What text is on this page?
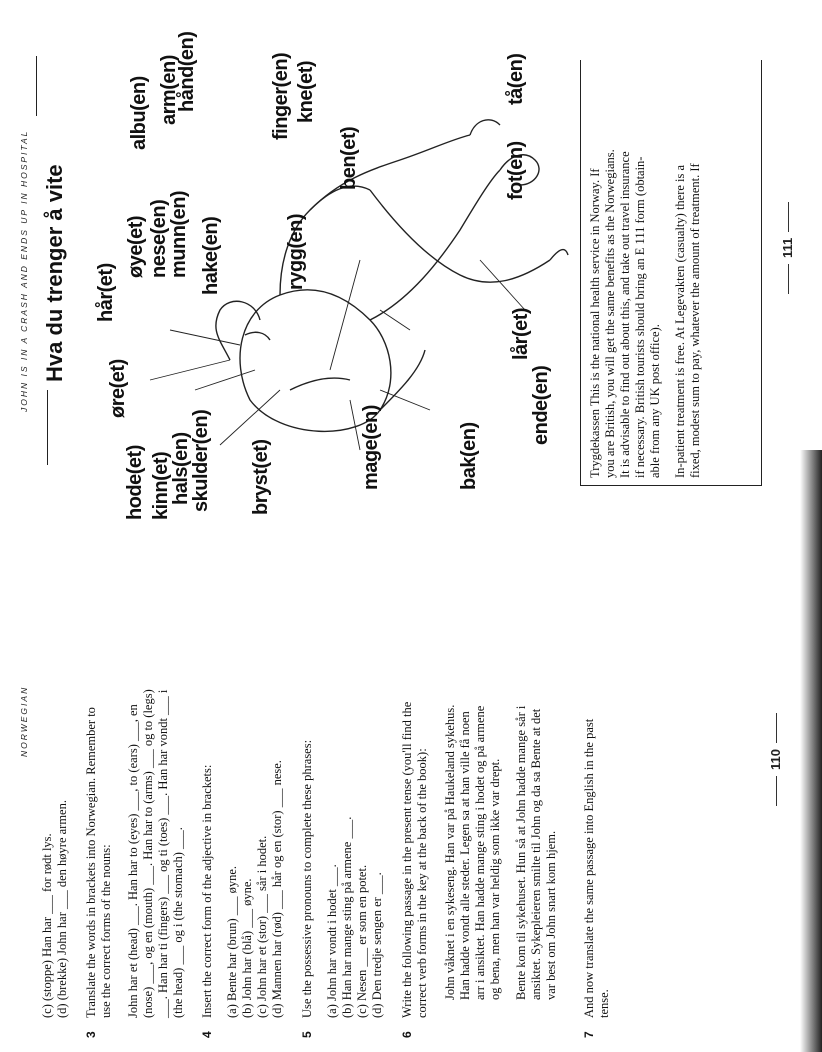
NORWEGIAN
JOHN IS IN A CRASH AND ENDS UP IN HOSPITAL
110
111
3	4	5	6	7
(c) (stoppe) Han har ___ for rødt lys. (d) (brekke) John har ___ den høyre armen. Translate the words in brackets into Norwegian. Remember to use the correct forms of the nouns: John har et (head) ___. Han har to (eyes) ___, to (ears) ___, en (nose) ___, og en (mouth) ___. Han har to (arms) ___ og to (legs) ___. Han har ti (fingers) ___ og ti (toes) ___. Han har vondt ___ i (the head) ___ og i (the stomach) ___. Insert the correct form of the adjective in brackets: (a) Bente har (brun) ___ øyne. (b) John har (blå) ___ øyne. (c) John har et (stor) ___ sår i hodet. (d) Mannen har (rød) ___ hår og en (stor) ___ nese. Use the possessive pronouns to complete these phrases: (a) John har vondt i hodet ___. (b) Han har mange sting på armene ___. (c) Nesen ___ er som en potet. (d) Den tredje sengen er ___. Write the following passage in the present tense (you'll find the correct verb forms in the key at the back of the book): John våknet i en sykeseng. Han var på Haukeland sykehus. Han hadde vondt alle steder. Legen sa at han ville få noen arr i ansiktet. Han hadde mange sting i hodet og på armene og bena, men han var heldig som ikke var drept. Bente kom til sykehuset. Hun så at John hadde mange sår i ansiktet. Sykepleieren smilte til John og da sa Bente at det var best om John snart kom hjem. And now translate the same passage into English in the past tense.
Hva du trenger å vite
hode(et)
øre(et)
hår(et)
kinn(et)
hals(en)
skulder(en) bryst(et)	mage(en)	bak(en)
ende(en)
lår(et)
øye(et) nese(en)
munn(en) hake(en)	rygg(en)
albu(en) arm(en)
hånd(en)	finger(en) kne(et)
ben(et)	fot(en)
tå(en)
Trygdekassen This is the national health service in Norway. If you are British, you will get the same benefits as the Norwegians. It is advisable to find out about this, and take out travel insurance if necessary. British tourists should bring an E 111 form (obtain- able from any UK post office). In-patient treatment is free. At Legevakten (casualty) there is a fixed, modest sum to pay, whatever the amount of treatment. If
